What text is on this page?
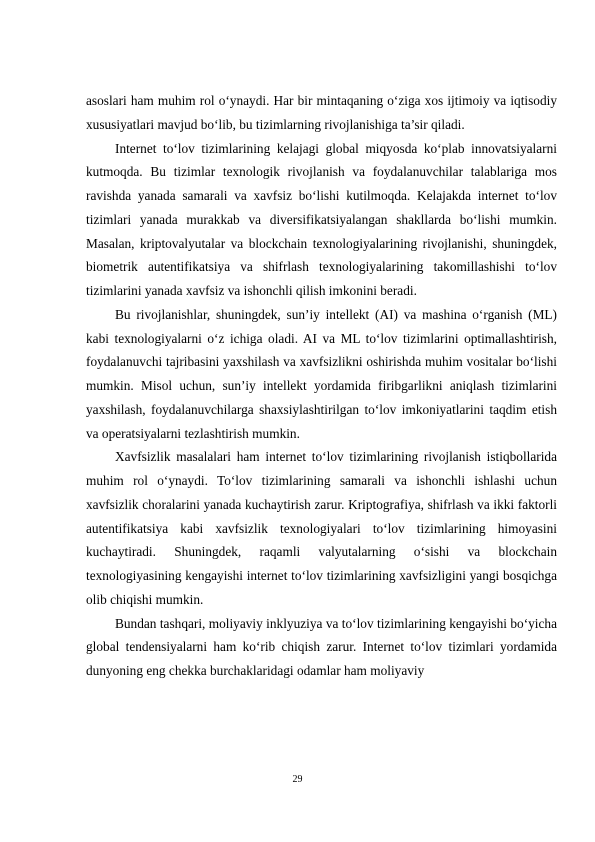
asoslari ham muhim rol o‘ynaydi. Har bir mintaqaning o‘ziga xos ijtimoiy va iqtisodiy xususiyatlari mavjud bo‘lib, bu tizimlarning rivojlanishiga ta’sir qiladi.

Internet to‘lov tizimlarining kelajagi global miqyosda ko‘plab innovatsiyalarni kutmoqda. Bu tizimlar texnologik rivojlanish va foydalanuvchilar talablariga mos ravishda yanada samarali va xavfsiz bo‘lishi kutilmoqda. Kelajakda internet to‘lov tizimlari yanada murakkab va diversifikatsiyalangan shakllarda bo‘lishi mumkin. Masalan, kriptovalyutalar va blockchain texnologiyalarining rivojlanishi, shuningdek, biometrik autentifikatsiya va shifrlash texnologiyalarining takomillashishi to‘lov tizimlarini yanada xavfsiz va ishonchli qilish imkonini beradi.

Bu rivojlanishlar, shuningdek, sun’iy intellekt (AI) va mashina o‘rganish (ML) kabi texnologiyalarni o‘z ichiga oladi. AI va ML to‘lov tizimlarini optimallashtirish, foydalanuvchi tajribasini yaxshilash va xavfsizlikni oshirishda muhim vositalar bo‘lishi mumkin. Misol uchun, sun’iy intellekt yordamida firibgarlikni aniqlash tizimlarini yaxshilash, foydalanuvchilarga shaxsiylashtirilgan to‘lov imkoniyatlarini taqdim etish va operatsiyalarni tezlashtirish mumkin.

Xavfsizlik masalalari ham internet to‘lov tizimlarining rivojlanish istiqbollarida muhim rol o‘ynaydi. To‘lov tizimlarining samarali va ishonchli ishlashi uchun xavfsizlik choralarini yanada kuchaytirish zarur. Kriptografiya, shifrlash va ikki faktorli autentifikatsiya kabi xavfsizlik texnologiyalari to‘lov tizimlarining himoyasini kuchaytiradi. Shuningdek, raqamli valyutalarning o‘sishi va blockchain texnologiyasining kengayishi internet to‘lov tizimlarining xavfsizligini yangi bosqichga olib chiqishi mumkin.

Bundan tashqari, moliyaviy inklyuziya va to‘lov tizimlarining kengayishi bo‘yicha global tendensiyalarni ham ko‘rib chiqish zarur. Internet to‘lov tizimlari yordamida dunyoning eng chekka burchaklaridagi odamlar ham moliyaviy

29
